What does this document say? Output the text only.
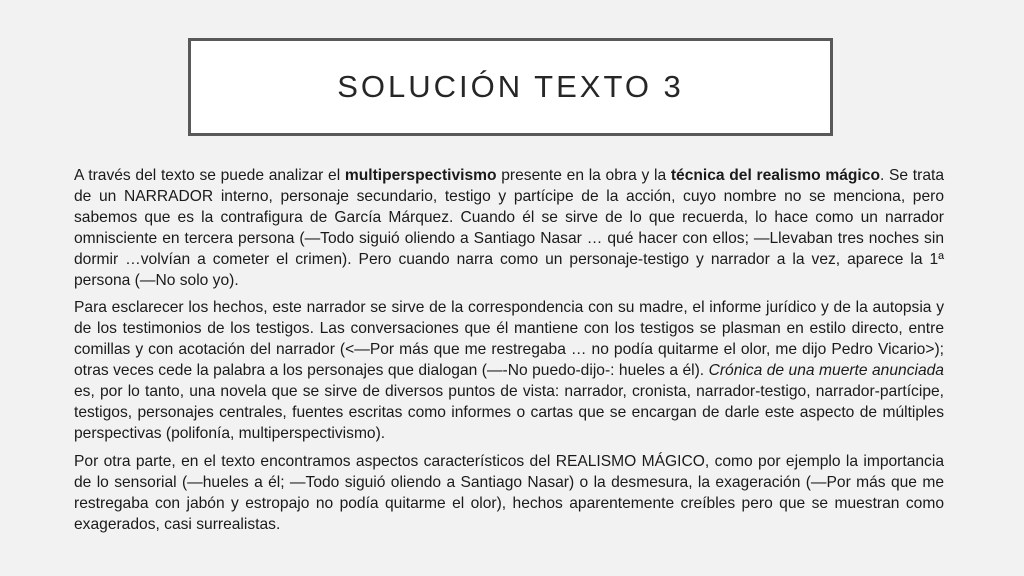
SOLUCIÓN TEXTO 3

A través del texto se puede analizar el multiperspectivismo presente en la obra y la técnica del realismo mágico. Se trata de un NARRADOR interno, personaje secundario, testigo y partícipe de la acción, cuyo nombre no se menciona, pero sabemos que es la contrafigura de García Márquez. Cuando él se sirve de lo que recuerda, lo hace como un narrador omnisciente en tercera persona (—Todo siguió oliendo a Santiago Nasar … qué hacer con ellos; —Llevaban tres noches sin dormir …volvían a cometer el crimen). Pero cuando narra como un personaje-testigo y narrador a la vez, aparece la 1ª persona (—No solo yo).

Para esclarecer los hechos, este narrador se sirve de la correspondencia con su madre, el informe jurídico y de la autopsia y de los testimonios de los testigos. Las conversaciones que él mantiene con los testigos se plasman en estilo directo, entre comillas y con acotación del narrador (<—Por más que me restregaba … no podía quitarme el olor, me dijo Pedro Vicario>); otras veces cede la palabra a los personajes que dialogan (—-No puedo-dijo-: hueles a él). Crónica de una muerte anunciada es, por lo tanto, una novela que se sirve de diversos puntos de vista: narrador, cronista, narrador-testigo, narrador-partícipe, testigos, personajes centrales, fuentes escritas como informes o cartas que se encargan de darle este aspecto de múltiples perspectivas (polifonía, multiperspectivismo).

Por otra parte, en el texto encontramos aspectos característicos del REALISMO MÁGICO, como por ejemplo la importancia de lo sensorial (—hueles a él; —Todo siguió oliendo a Santiago Nasar) o la desmesura, la exageración (—Por más que me restregaba con jabón y estropajo no podía quitarme el olor), hechos aparentemente creíbles pero que se muestran como exagerados, casi surrealistas.
